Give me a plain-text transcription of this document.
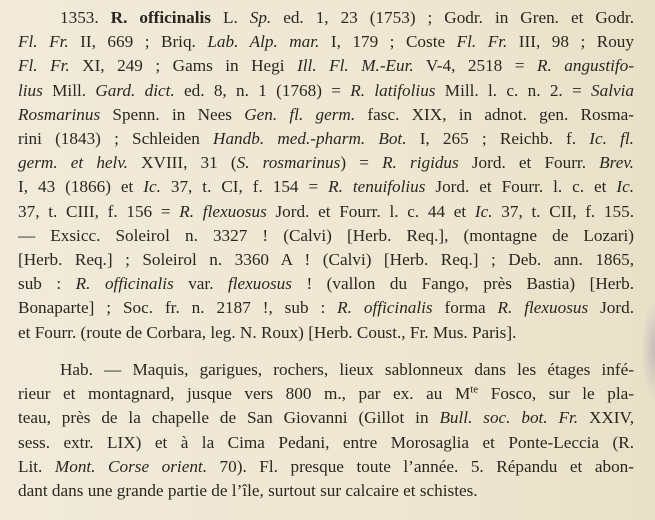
1353. R. officinalis L. Sp. ed. 1, 23 (1753) ; Godr. in Gren. et Godr.
Fl. Fr. II, 669 ; Briq. Lab. Alp. mar. I, 179 ; Coste Fl. Fr. III, 98 ; Rouy
Fl. Fr. XI, 249 ; Gams in Hegi Ill. Fl. M.-Eur. V-4, 2518 = R. angustifo-
lius Mill. Gard. dict. ed. 8, n. 1 (1768) = R. latifolius Mill. l. c. n. 2. = Salvia
Rosmarinus Spenn. in Nees Gen. fl. germ. fasc. XIX, in adnot. gen. Rosma-
rini (1843) ; Schleiden Handb. med.-pharm. Bot. I, 265 ; Reichb. f. Ic. fl.
germ. et helv. XVIII, 31 (S. rosmarinus) = R. rigidus Jord. et Fourr. Brev.
I, 43 (1866) et Ic. 37, t. CI, f. 154 = R. tenuifolius Jord. et Fourr. l. c. et Ic.
37, t. CIII, f. 156 = R. flexuosus Jord. et Fourr. l. c. 44 et Ic. 37, t. CII, f. 155.
— Exsicc. Soleirol n. 3327 ! (Calvi) [Herb. Req.], (montagne de Lozari)
[Herb. Req.] ; Soleirol n. 3360 A ! (Calvi) [Herb. Req.] ; Deb. ann. 1865,
sub : R. officinalis var. flexuosus ! (vallon du Fango, près Bastia) [Herb.
Bonaparte] ; Soc. fr. n. 2187 !, sub : R. officinalis forma R. flexuosus Jord.
et Fourr. (route de Corbara, leg. N. Roux) [Herb. Coust., Fr. Mus. Paris].
Hab. — Maquis, garigues, rochers, lieux sablonneux dans les étages infé-
rieur et montagnard, jusque vers 800 m., par ex. au $M^{te}$ Fosco, sur le pla-
teau, près de la chapelle de San Giovanni (Gillot in Bull. soc. bot. Fr. XXIV,
sess. extr. LIX) et à la Cima Pedani, entre Morosaglia et Ponte-Leccia (R.
Lit. Mont. Corse orient. 70). Fl. presque toute l’année. 5. Répandu et abon-
dant dans une grande partie de l’île, surtout sur calcaire et schistes.
